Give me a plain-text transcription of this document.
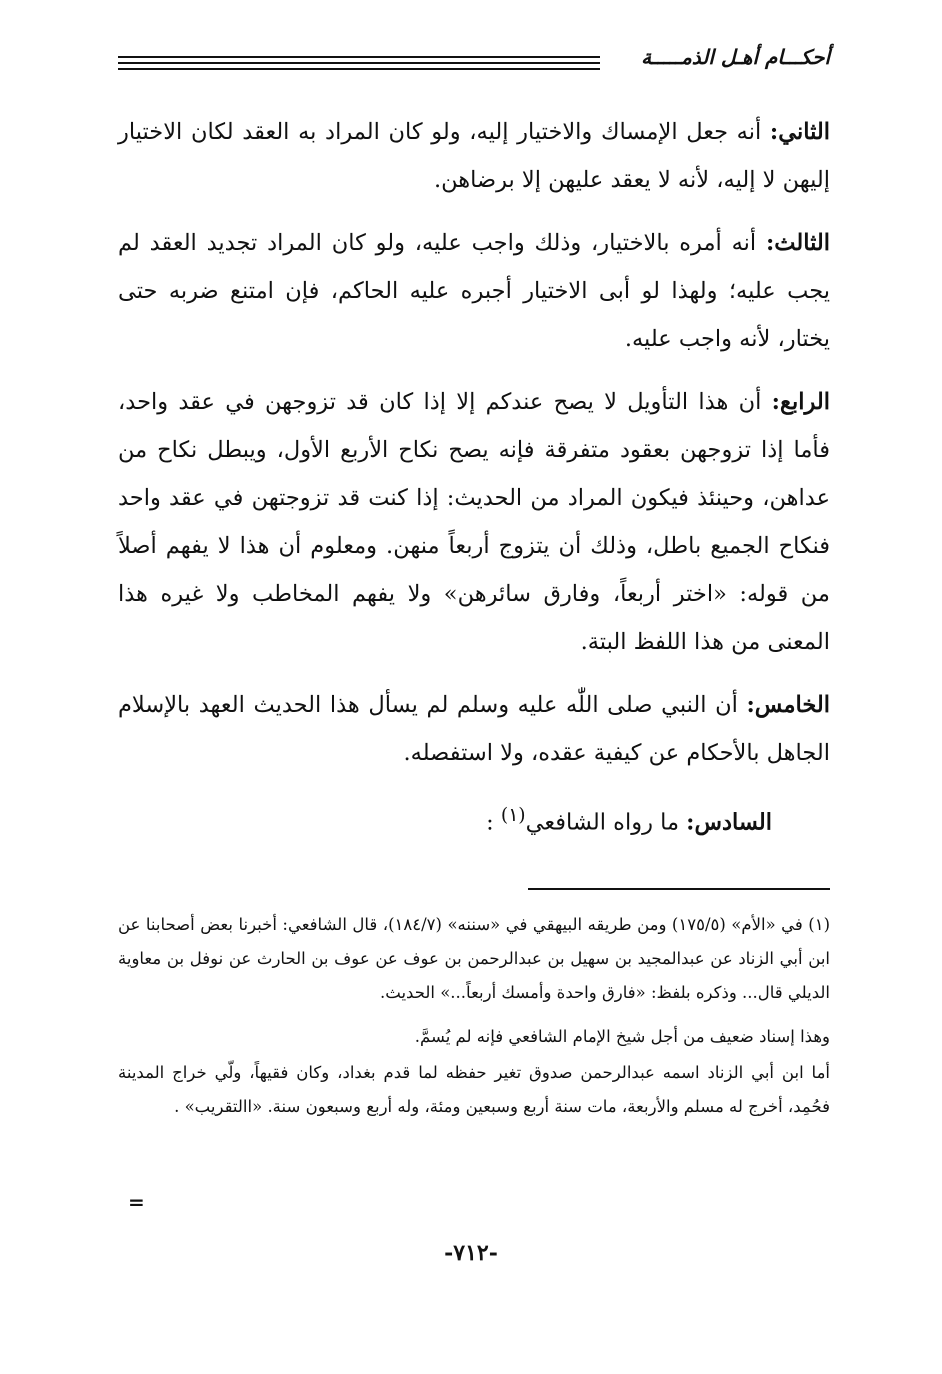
أحكـــام أهـل الذمـــــة

الثاني: أنه جعل الإمساك والاختيار إليه، ولو كان المراد به العقد لكان الاختيار إليهن لا إليه، لأنه لا يعقد عليهن إلا برضاهن.

الثالث: أنه أمره بالاختيار، وذلك واجب عليه، ولو كان المراد تجديد العقد لم يجب عليه؛ ولهذا لو أبى الاختيار أجبره عليه الحاكم، فإن امتنع ضربه حتى يختار، لأنه واجب عليه.

الرابع: أن هذا التأويل لا يصح عندكم إلا إذا كان قد تزوجهن في عقد واحد، فأما إذا تزوجهن بعقود متفرقة فإنه يصح نكاح الأربع الأول، ويبطل نكاح من عداهن، وحينئذ فيكون المراد من الحديث: إذا كنت قد تزوجتهن في عقد واحد فنكاح الجميع باطل، وذلك أن يتزوج أربعاً منهن. ومعلوم أن هذا لا يفهم أصلاً من قوله: «اختر أربعاً، وفارق سائرهن» ولا يفهم المخاطب ولا غيره هذا المعنى من هذا اللفظ البتة.

الخامس: أن النبي صلى اللّٰه عليه وسلم لم يسأل هذا الحديث العهد بالإسلام الجاهل بالأحكام عن كيفية عقده، ولا استفصله.

السادس: ما رواه الشافعي$^{(١)}$ :

(١) في «الأم» (١٧٥/٥) ومن طريقه البيهقي في «سننه» (١٨٤/٧)، قال الشافعي: أخبرنا بعض أصحابنا عن ابن أبي الزناد عن عبدالمجيد بن سهيل بن عبدالرحمن بن عوف عن عوف بن الحارث عن نوفل بن معاوية الديلي قال... وذكره بلفظ: «فارق واحدة وأمسك أربعاً...» الحديث.

وهذا إسناد ضعيف من أجل شيخ الإمام الشافعي فإنه لم يُسمَّ.

أما ابن أبي الزناد اسمه عبدالرحمن صدوق تغير حفظه لما قدم بغداد، وكان فقيهاً، ولّي خراج المدينة فحُمِد، أخرج له مسلم والأربعة، مات سنة أربع وسبعين ومئة، وله أربع وسبعون سنة. «االتقريب» .

=
-٧١٢-
